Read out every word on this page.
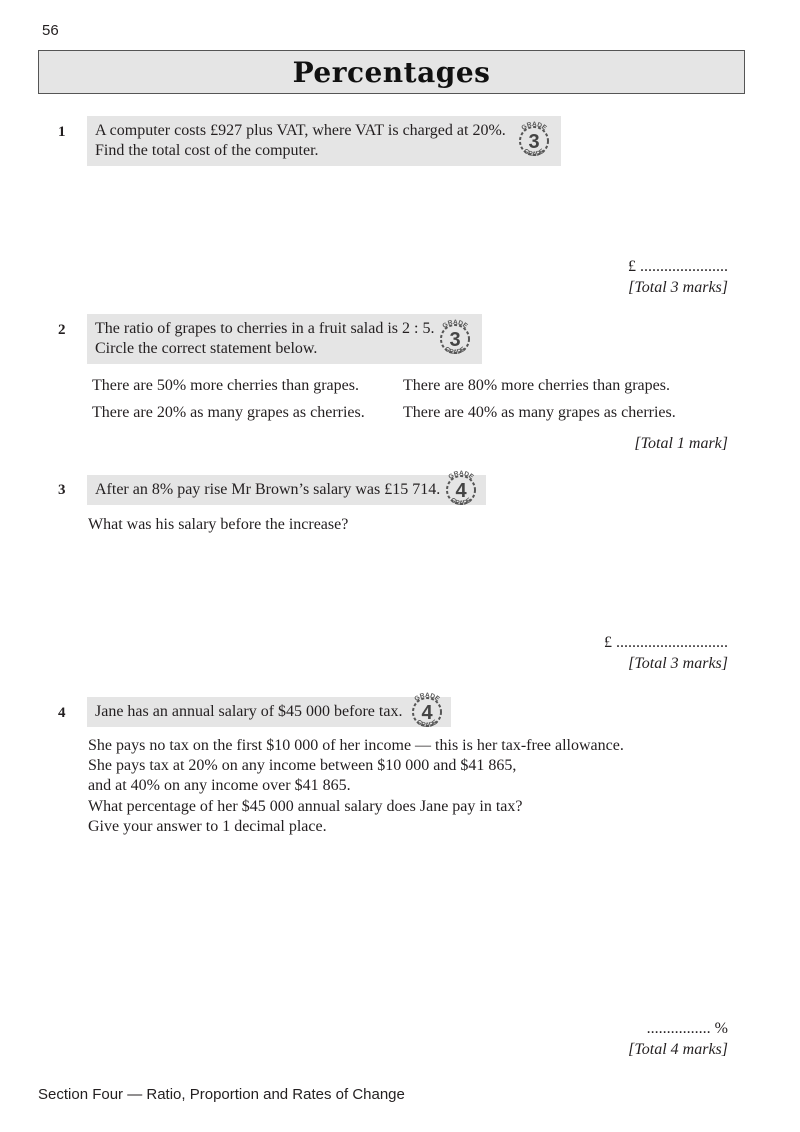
56
Percentages
1 A computer costs £927 plus VAT, where VAT is charged at 20%.
Find the total cost of the computer.
GRADE
GRADE
3
£ ......................
[Total 3 marks]
2 The ratio of grapes to cherries in a fruit salad is 2 : 5.
Circle the correct statement below.
GRADE
GRADE
3
There are 50% more cherries than grapes.	There are 80% more cherries than grapes.
There are 20% as many grapes as cherries. There are 40% as many grapes as cherries.
[Total 1 mark]
3 After an 8% pay rise Mr Brown’s salary was £15 714.
GRADE
GRADE
4
What was his salary before the increase?
£ ............................
[Total 3 marks]
4 Jane has an annual salary of $45 000 before tax.
GRADE
GRADE
4
She pays no tax on the first $10 000 of her income — this is her tax-free allowance.
She pays tax at 20% on any income between $10 000 and $41 865,
and at 40% on any income over $41 865.
What percentage of her $45 000 annual salary does Jane pay in tax?
Give your answer to 1 decimal place.
................ %
[Total 4 marks]
Section Four — Ratio, Proportion and Rates of Change
